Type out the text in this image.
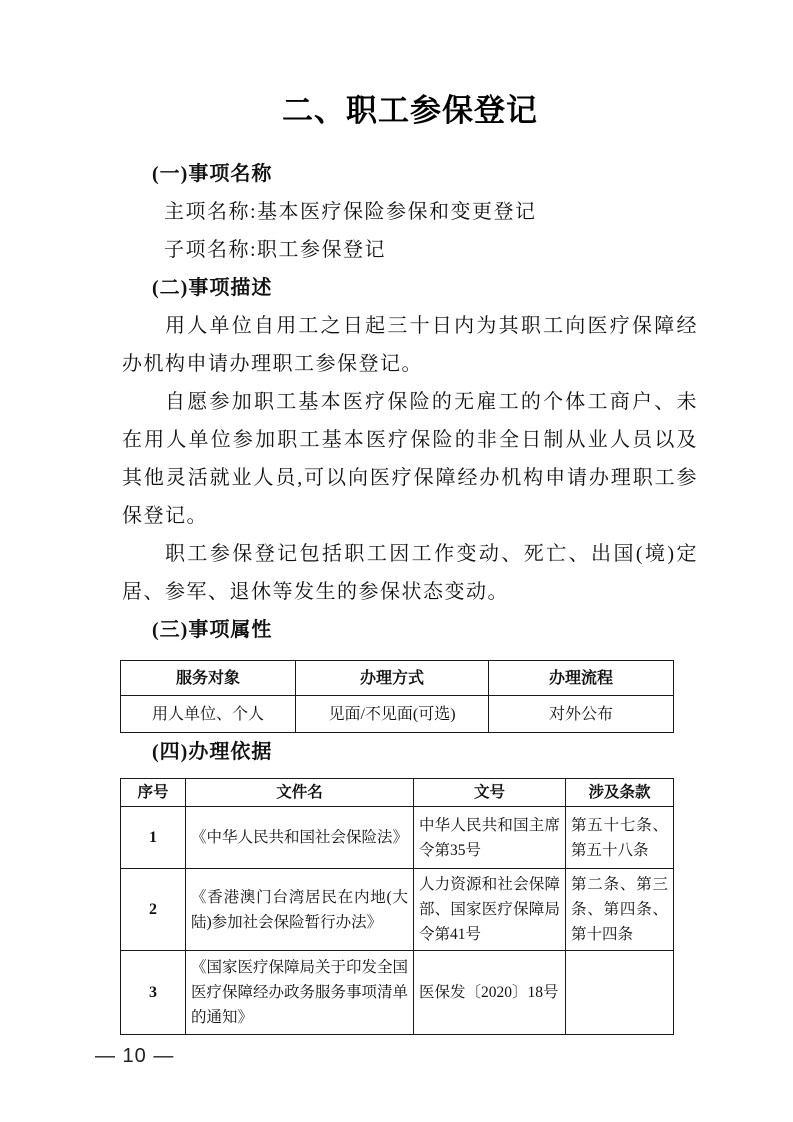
二、职工参保登记

(一)事项名称

主项名称:基本医疗保险参保和变更登记

子项名称:职工参保登记

(二)事项描述

用人单位自用工之日起三十日内为其职工向医疗保障经办机构申请办理职工参保登记。

自愿参加职工基本医疗保险的无雇工的个体工商户、未在用人单位参加职工基本医疗保险的非全日制从业人员以及其他灵活就业人员,可以向医疗保障经办机构申请办理职工参保登记。

职工参保登记包括职工因工作变动、死亡、出国(境)定居、参军、退休等发生的参保状态变动。

(三)事项属性

服务对象	办理方式	办理流程
用人单位、个人	见面/不见面(可选)	对外公布

(四)办理依据

序号	文件名	文号	涉及条款
1	《中华人民共和国社会保险法》	中华人民共和国主席令第35号	第五十七条、第五十八条
2	《香港澳门台湾居民在内地(大陆)参加社会保险暂行办法》	人力资源和社会保障部、国家医疗保障局令第41号	第二条、第三条、第四条、第十四条
3	《国家医疗保障局关于印发全国医疗保障经办政务服务事项清单的通知》	医保发〔2020〕18号	
— 10 —
